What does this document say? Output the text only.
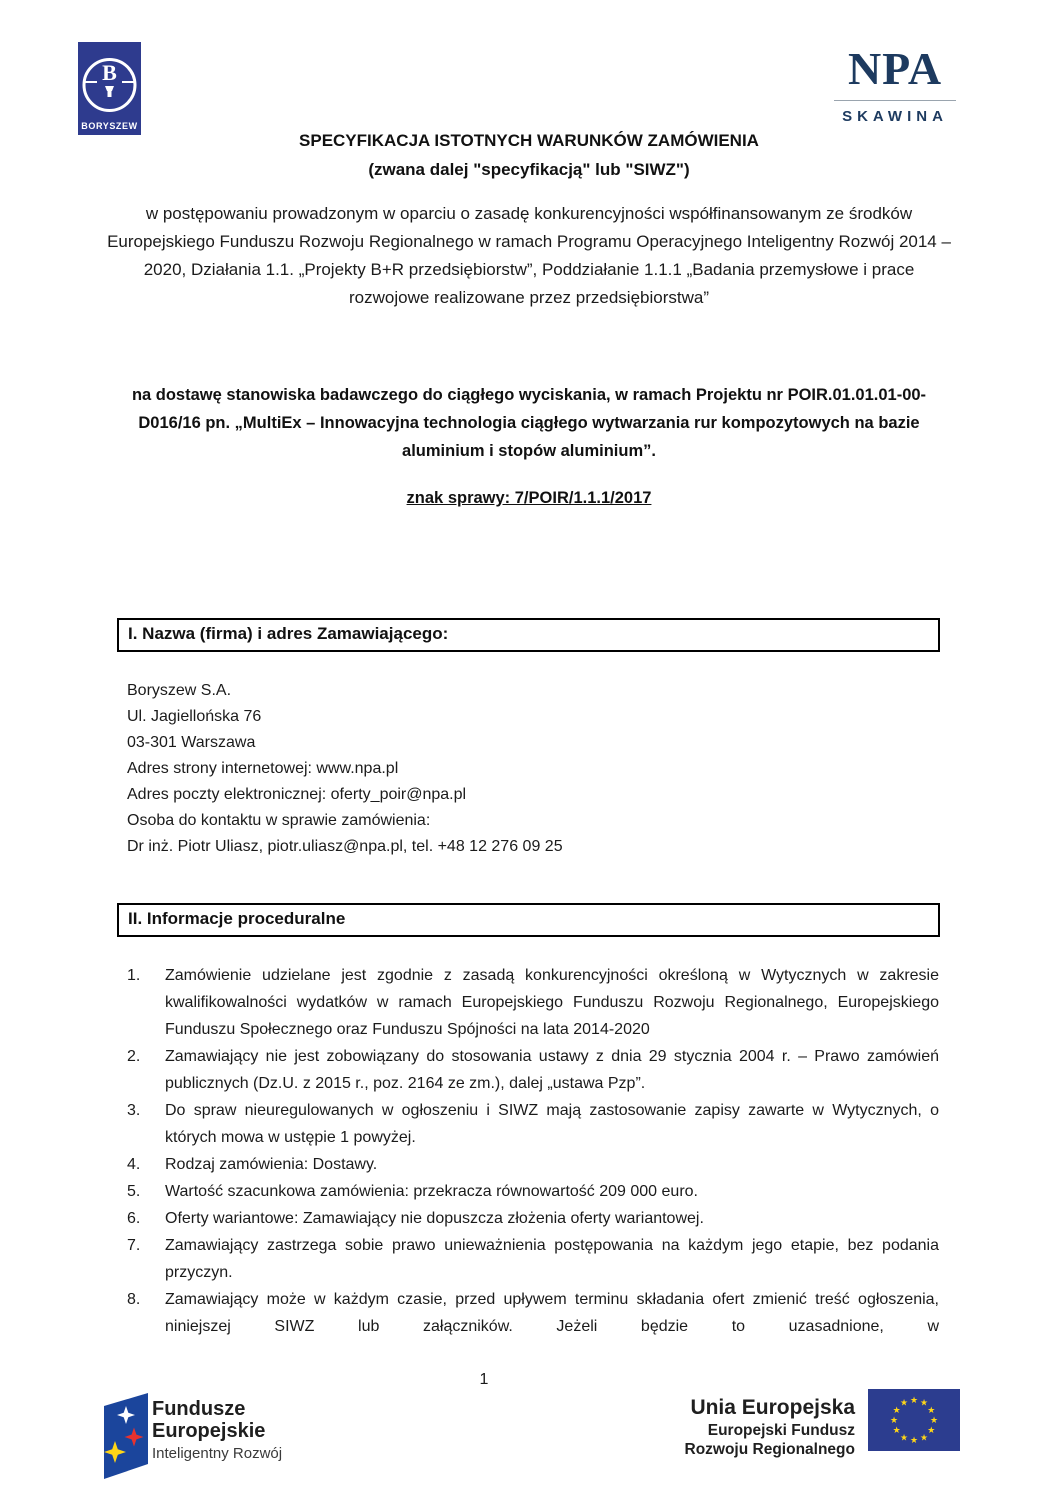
B
BORYSZEW
NPA
SKAWINA
SPECYFIKACJA ISTOTNYCH WARUNKÓW ZAMÓWIENIA
(zwana dalej "specyfikacją" lub "SIWZ")

w postępowaniu prowadzonym w oparciu o zasadę konkurencyjności współfinansowanym ze środków Europejskiego Funduszu Rozwoju Regionalnego w ramach Programu Operacyjnego Inteligentny Rozwój 2014 – 2020, Działania 1.1. „Projekty B+R przedsiębiorstw”, Poddziałanie 1.1.1 „Badania przemysłowe i prace rozwojowe realizowane przez przedsiębiorstwa”

na dostawę stanowiska badawczego do ciągłego wyciskania, w ramach Projektu nr POIR.01.01.01-00-D016/16 pn. „MultiEx – Innowacyjna technologia ciągłego wytwarzania rur kompozytowych na bazie aluminium i stopów aluminium”.

znak sprawy: 7/POIR/1.1.1/2017

I. Nazwa (firma) i adres Zamawiającego:
Boryszew S.A.
Ul. Jagiellońska 76
03-301 Warszawa
Adres strony internetowej: www.npa.pl
Adres poczty elektronicznej: oferty_poir@npa.pl
Osoba do kontaktu w sprawie zamówienia:
Dr inż. Piotr Uliasz, piotr.uliasz@npa.pl, tel. +48 12 276 09 25
II. Informacje proceduralne
1. Zamówienie udzielane jest zgodnie z zasadą konkurencyjności określoną w Wytycznych w zakresie kwalifikowalności wydatków w ramach Europejskiego Funduszu Rozwoju Regionalnego, Europejskiego Funduszu Społecznego oraz Funduszu Spójności na lata 2014-2020
2. Zamawiający nie jest zobowiązany do stosowania ustawy z dnia 29 stycznia 2004 r. – Prawo zamówień publicznych (Dz.U. z 2015 r., poz. 2164 ze zm.), dalej „ustawa Pzp”.
3. Do spraw nieuregulowanych w ogłoszeniu i SIWZ mają zastosowanie zapisy zawarte w Wytycznych, o których mowa w ustępie 1 powyżej.
4. Rodzaj zamówienia: Dostawy.
5. Wartość szacunkowa zamówienia: przekracza równowartość 209 000 euro.
6. Oferty wariantowe: Zamawiający nie dopuszcza złożenia oferty wariantowej.
7. Zamawiający zastrzega sobie prawo unieważnienia postępowania na każdym jego etapie, bez podania przyczyn.
8. Zamawiający może w każdym czasie, przed upływem terminu składania ofert zmienić treść ogłoszenia, niniejszej SIWZ lub załączników. Jeżeli będzie to uzasadnione, w
1
Fundusze
Europejskie
Inteligentny Rozwój
Unia Europejska
Europejski Fundusz
Rozwoju Regionalnego
★ ★
★
★
★
★
★
★
★
★
★
★
